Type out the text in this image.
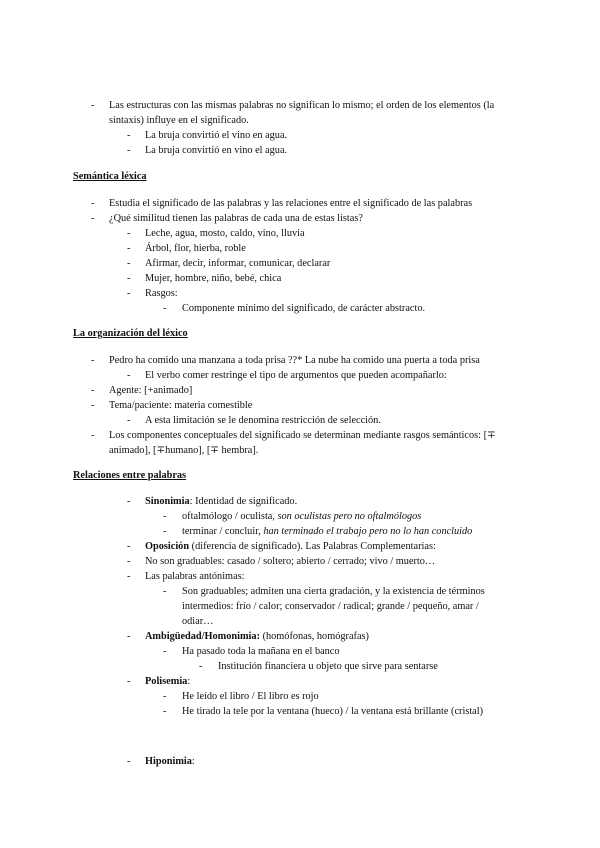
- Las estructuras con las mismas palabras no significan lo mismo; el orden de los elementos (la
sintaxis) influye en el significado.
- La bruja convirtió el vino en agua.
- La bruja convirtió en vino el agua.
Semántica léxica
- Estudia el significado de las palabras y las relaciones entre el significado de las palabras
- ¿Qué similitud tienen las palabras de cada una de estas listas?
- Leche, agua, mosto, caldo, vino, lluvia
- Árbol, flor, hierba, roble
- Afirmar, decir, informar, comunicar, declarar
- Mujer, hombre, niño, bebé, chica
- Rasgos:
- Componente mínimo del significado, de carácter abstracto.
La organización del léxico
- Pedro ha comido una manzana a toda prisa ??* La nube ha comido una puerta a toda prisa
- El verbo comer restringe el tipo de argumentos que pueden acompañarlo:
- Agente: [+animado]
- Tema/paciente: materia comestible
- A esta limitación se le denomina restricción de selección.
- Los componentes conceptuales del significado se determinan mediante rasgos semánticos: [∓
animado], [∓humano], [∓ hembra].
Relaciones entre palabras
- Sinonimia: Identidad de significado.
- oftalmólogo / oculista, son oculistas pero no oftalmólogos
- terminar / concluir, han terminado el trabajo pero no lo han concluido
- Oposición (diferencia de significado). Las Palabras Complementarias:
- No son graduables: casado / soltero; abierto / cerrado; vivo / muerto…
- Las palabras antónimas:
- Son graduables; admiten una cierta gradación, y la existencia de términos
intermedios: frío / calor; conservador / radical; grande / pequeño, amar /
odiar…
- Ambigüedad/Homonimia: (homófonas, homógrafas)
- Ha pasado toda la mañana en el banco
- Institución financiera u objeto que sirve para sentarse
- Polisemia:
- He leído el libro / El libro es rojo
- He tirado la tele por la ventana (hueco) / la ventana está brillante (cristal)
- Hiponimia:
